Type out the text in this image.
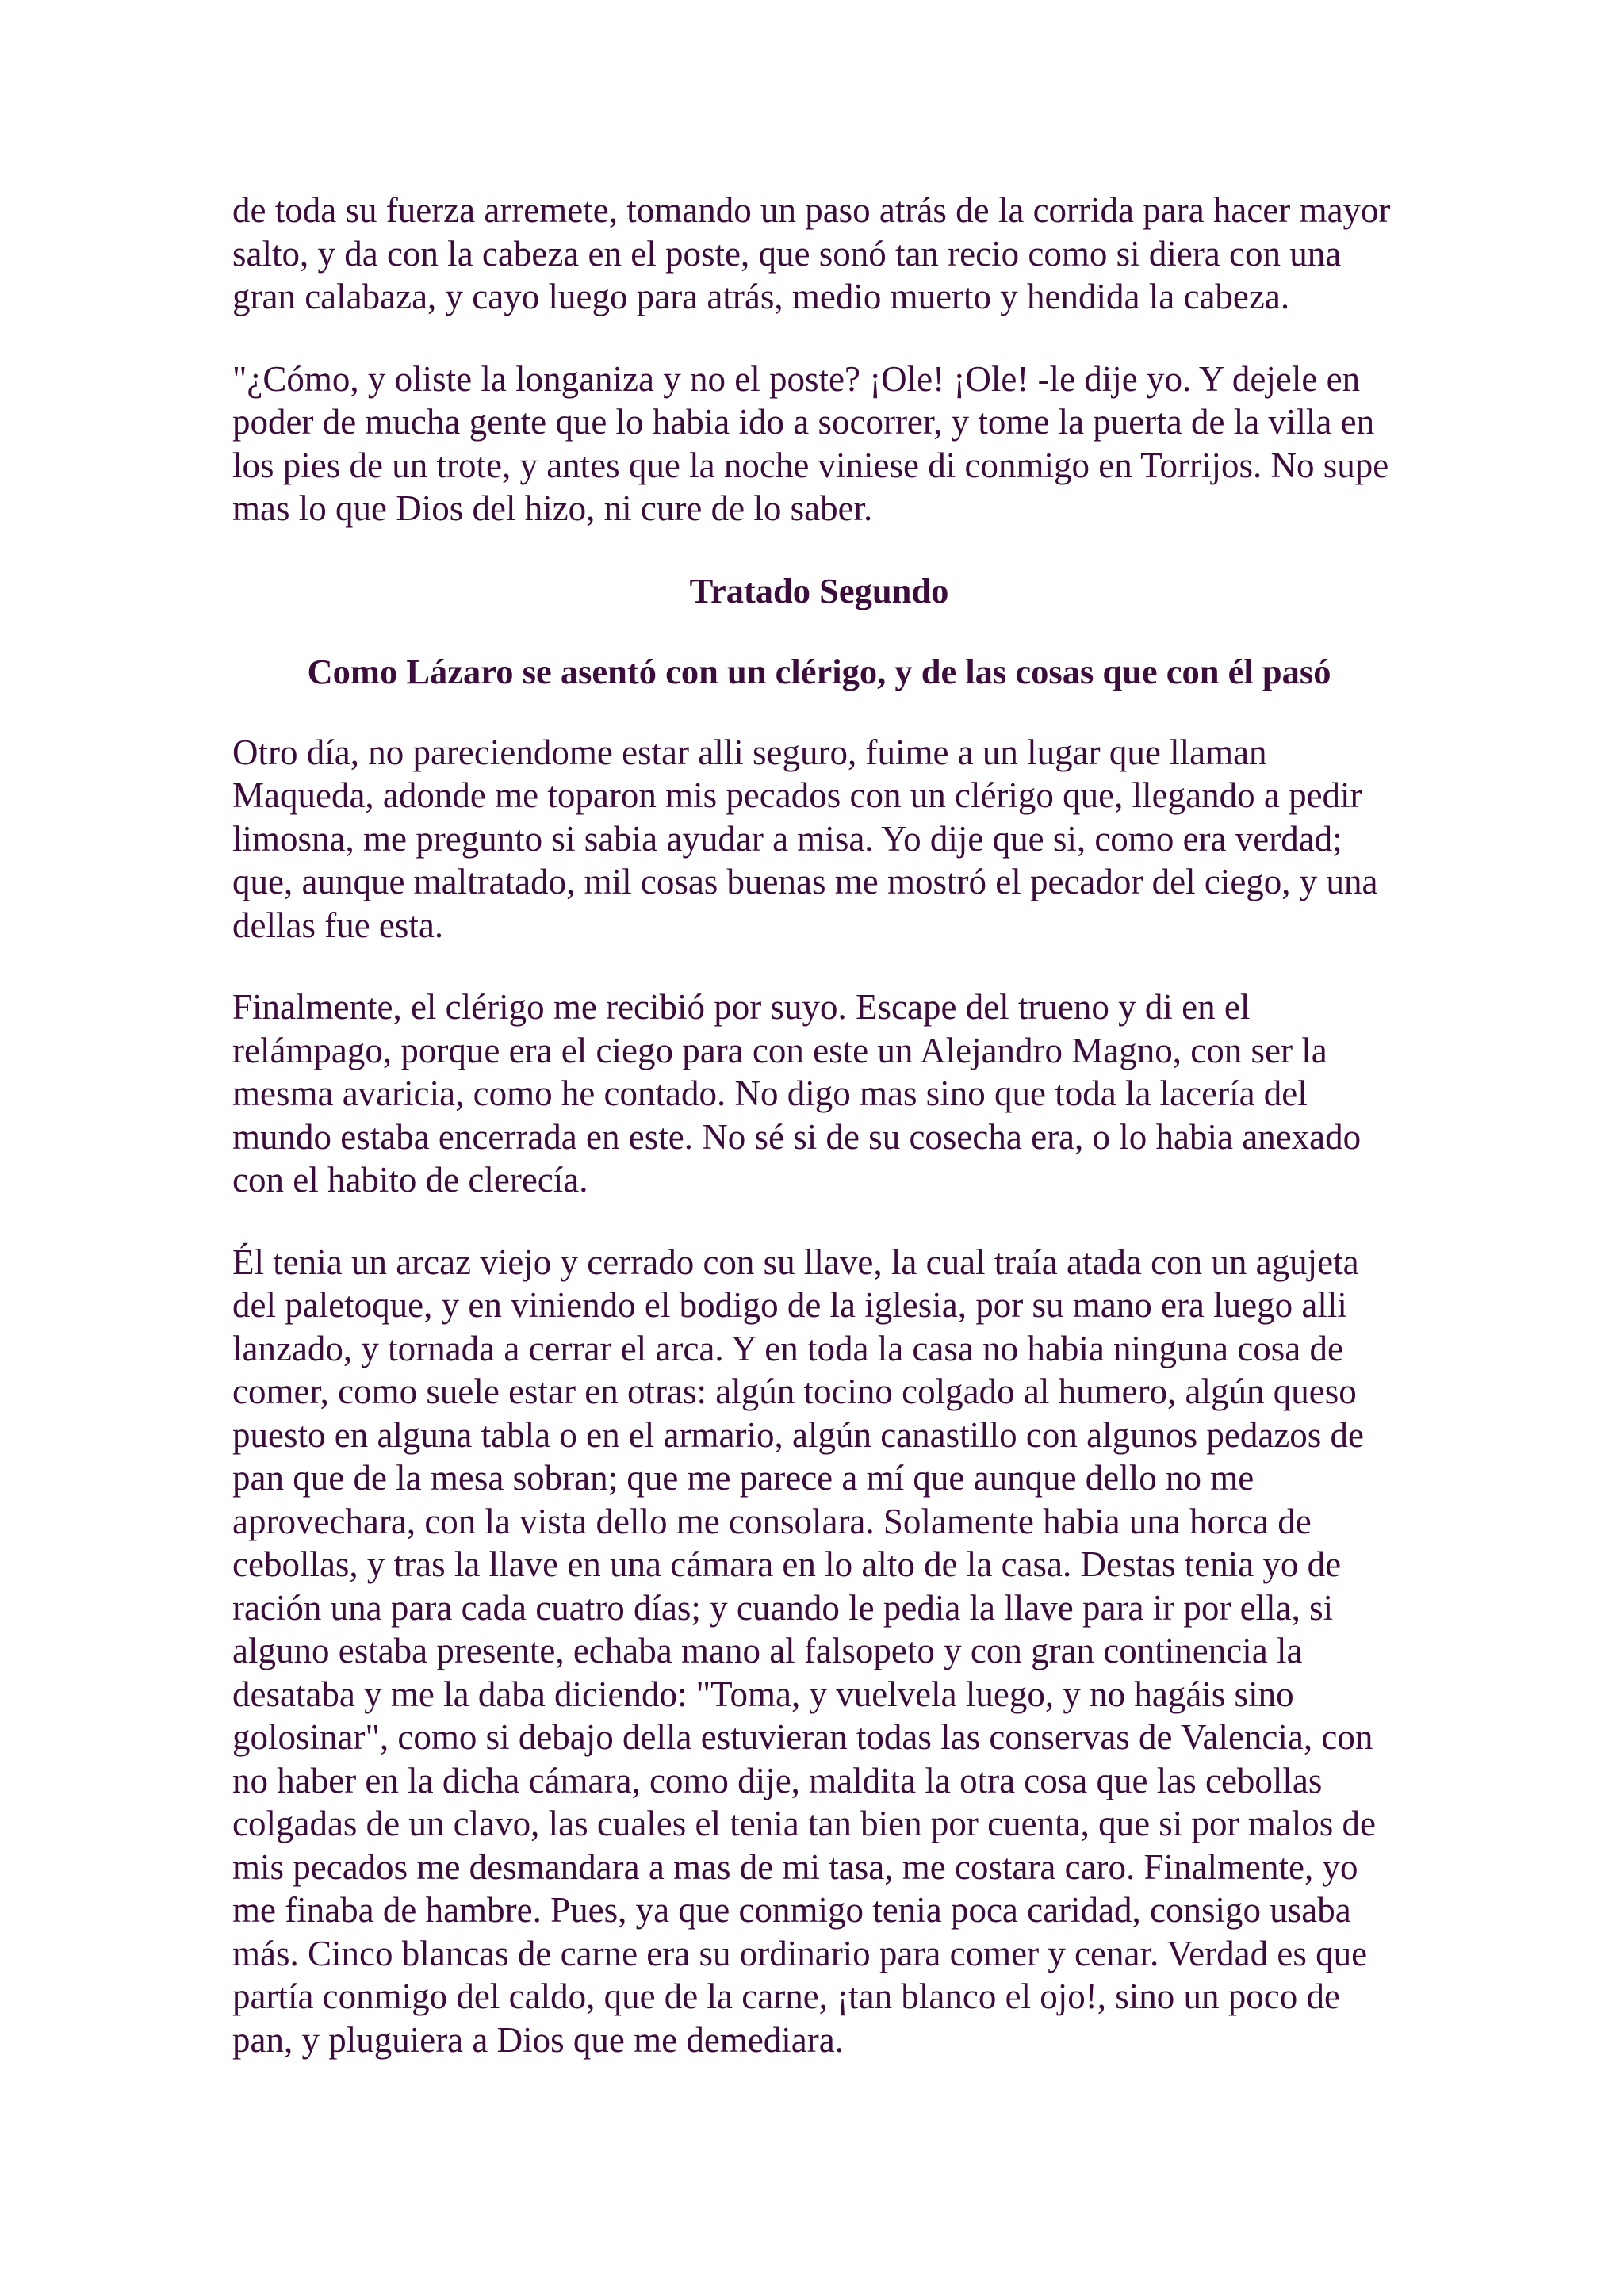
de toda su fuerza arremete, tomando un paso atrás de la corrida para hacer mayor salto, y da con la cabeza en el poste, que sonó tan recio como si diera con una gran calabaza, y cayo luego para atrás, medio muerto y hendida la cabeza.

"¿Cómo, y oliste la longaniza y no el poste? ¡Ole! ¡Ole! -le dije yo. Y dejele en poder de mucha gente que lo habia ido a socorrer, y tome la puerta de la villa en los pies de un trote, y antes que la noche viniese di conmigo en Torrijos. No supe mas lo que Dios del hizo, ni cure de lo saber.

Tratado Segundo

Como Lázaro se asentó con un clérigo, y de las cosas que con él pasó

Otro día, no pareciendome estar alli seguro, fuime a un lugar que llaman Maqueda, adonde me toparon mis pecados con un clérigo que, llegando a pedir limosna, me pregunto si sabia ayudar a misa. Yo dije que si, como era verdad; que, aunque maltratado, mil cosas buenas me mostró el pecador del ciego, y una dellas fue esta.

Finalmente, el clérigo me recibió por suyo. Escape del trueno y di en el relámpago, porque era el ciego para con este un Alejandro Magno, con ser la mesma avaricia, como he contado. No digo mas sino que toda la lacería del mundo estaba encerrada en este. No sé si de su cosecha era, o lo habia anexado con el habito de clerecía.

Él tenia un arcaz viejo y cerrado con su llave, la cual traía atada con un agujeta del paletoque, y en viniendo el bodigo de la iglesia, por su mano era luego alli lanzado, y tornada a cerrar el arca. Y en toda la casa no habia ninguna cosa de comer, como suele estar en otras: algún tocino colgado al humero, algún queso puesto en alguna tabla o en el armario, algún canastillo con algunos pedazos de pan que de la mesa sobran; que me parece a mí que aunque dello no me aprovechara, con la vista dello me consolara. Solamente habia una horca de cebollas, y tras la llave en una cámara en lo alto de la casa. Destas tenia yo de ración una para cada cuatro días; y cuando le pedia la llave para ir por ella, si alguno estaba presente, echaba mano al falsopeto y con gran continencia la desataba y me la daba diciendo: "Toma, y vuelvela luego, y no hagáis sino golosinar", como si debajo della estuvieran todas las conservas de Valencia, con no haber en la dicha cámara, como dije, maldita la otra cosa que las cebollas colgadas de un clavo, las cuales el tenia tan bien por cuenta, que si por malos de mis pecados me desmandara a mas de mi tasa, me costara caro. Finalmente, yo me finaba de hambre. Pues, ya que conmigo tenia poca caridad, consigo usaba más. Cinco blancas de carne era su ordinario para comer y cenar. Verdad es que partía conmigo del caldo, que de la carne, ¡tan blanco el ojo!, sino un poco de pan, y pluguiera a Dios que me demediara.
